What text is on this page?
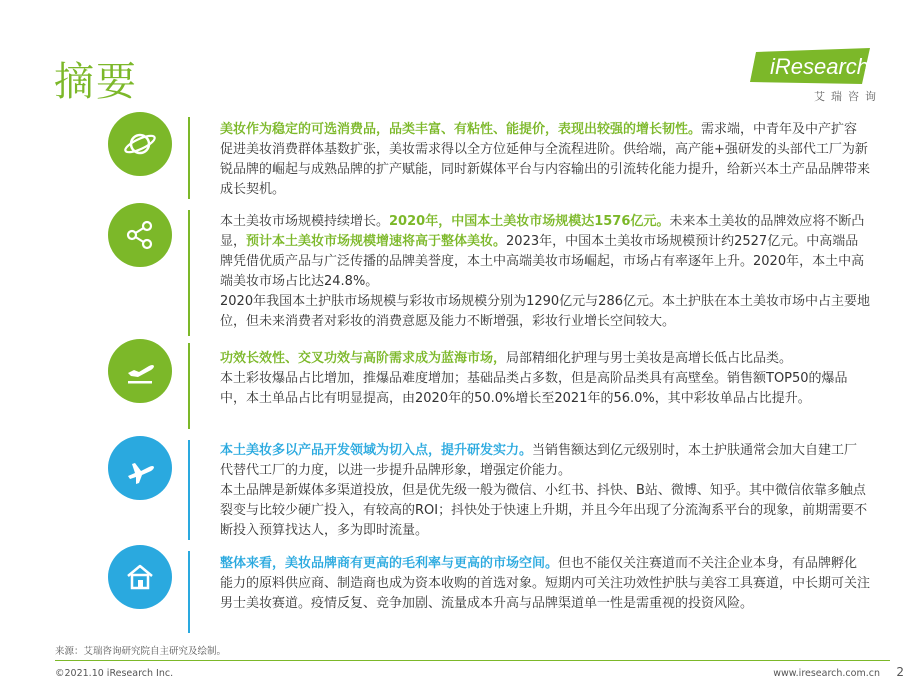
摘要	iResearch
艾瑞咨询

美妆作为稳定的可选消费品，品类丰富、有粘性、能提价，表现出较强的增长韧性。需求端，中青年及中产扩容促进美妆消费群体基数扩张，美妆需求得以全方位延伸与全流程进阶。供给端，高产能+强研发的头部代工厂为新锐品牌的崛起与成熟品牌的扩产赋能，同时新媒体平台与内容输出的引流转化能力提升，给新兴本土产品品牌带来成长契机。

本土美妆市场规模持续增长。2020年，中国本土美妆市场规模达1576亿元。未来本土美妆的品牌效应将不断凸显，预计本土美妆市场规模增速将高于整体美妆。2023年，中国本土美妆市场规模预计约2527亿元。中高端品牌凭借优质产品与广泛传播的品牌美誉度，本土中高端美妆市场崛起，市场占有率逐年上升。2020年，本土中高端美妆市场占比达24.8%。

2020年我国本土护肤市场规模与彩妆市场规模分别为1290亿元与286亿元。本土护肤在本土美妆市场中占主要地位，但未来消费者对彩妆的消费意愿及能力不断增强，彩妆行业增长空间较大。

功效长效性、交叉功效与高阶需求成为蓝海市场，局部精细化护理与男士美妆是高增长低占比品类。

本土彩妆爆品占比增加，推爆品难度增加；基础品类占多数，但是高阶品类具有高壁垒。销售额TOP50的爆品中，本土单品占比有明显提高，由2020年的50.0%增长至2021年的56.0%，其中彩妆单品占比提升。

本土美妆多以产品开发领域为切入点，提升研发实力。当销售额达到亿元级别时，本土护肤通常会加大自建工厂代替代工厂的力度，以进一步提升品牌形象，增强定价能力。

本土品牌是新媒体多渠道投放，但是优先级一般为微信、小红书、抖快、B站、微博、知乎。其中微信依靠多触点裂变与比较少硬广投入，有较高的ROI；抖快处于快速上升期，并且今年出现了分流淘系平台的现象，前期需要不断投入预算找达人，多为即时流量。

整体来看，美妆品牌商有更高的毛利率与更高的市场空间。但也不能仅关注赛道而不关注企业本身，有品牌孵化能力的原料供应商、制造商也成为资本收购的首选对象。短期内可关注功效性护肤与美容工具赛道，中长期可关注男士美妆赛道。疫情反复、竞争加剧、流量成本升高与品牌渠道单一性是需重视的投资风险。

来源：艾瑞咨询研究院自主研究及绘制。
©2021.10 iResearch Inc.	www.iresearch.com.cn 2
